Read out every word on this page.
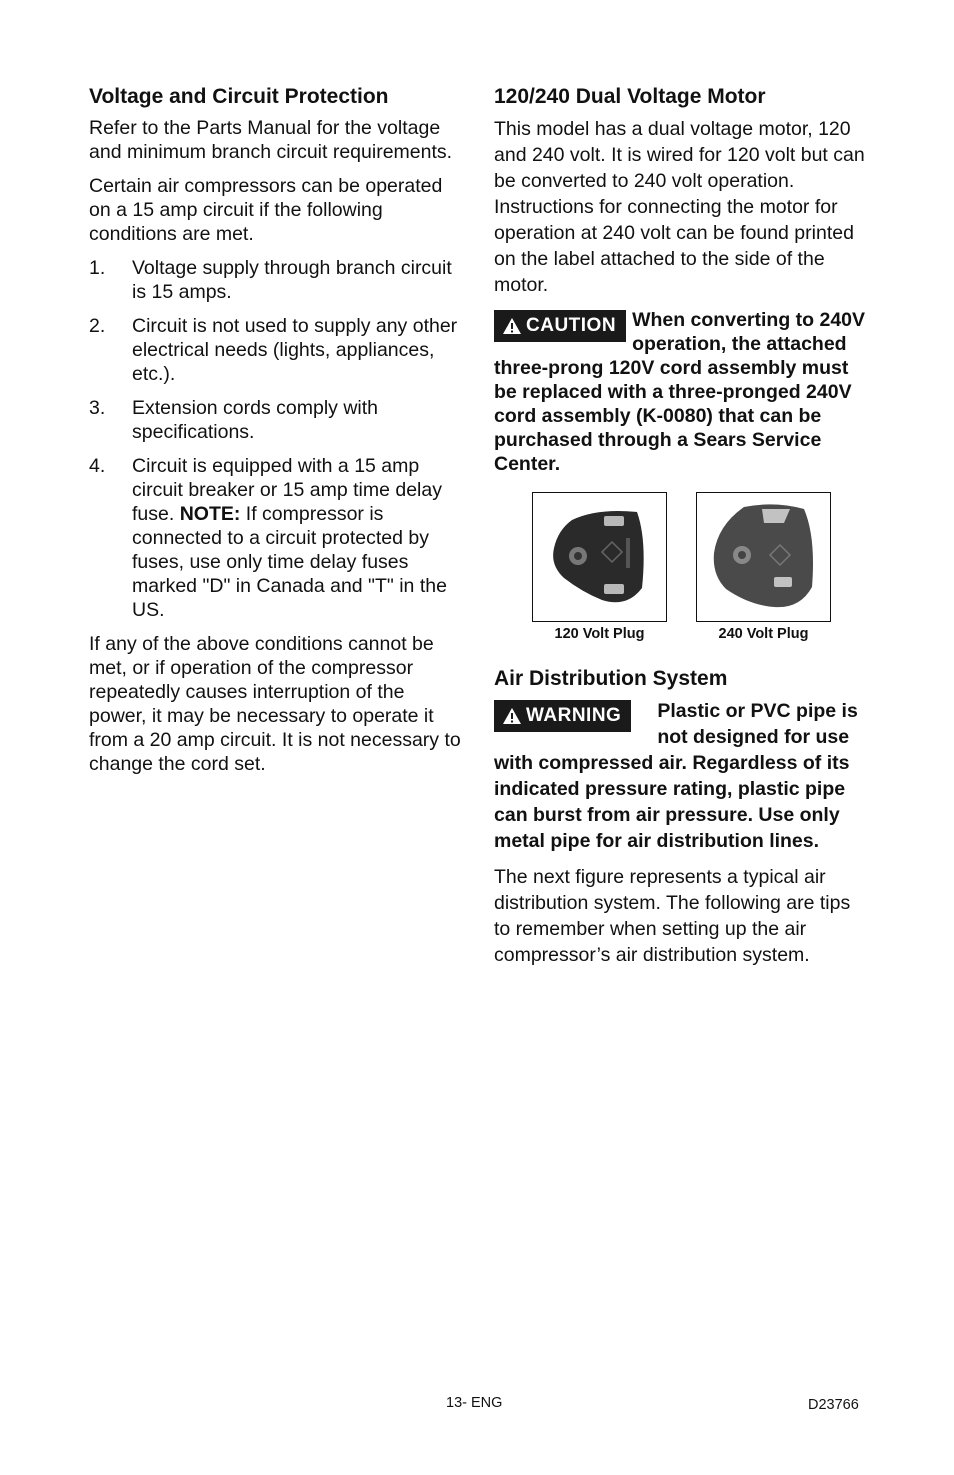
Voltage and Circuit Protection

Refer to the Parts Manual for the voltage and minimum branch circuit requirements.

Certain air compressors can be operated on a 15 amp circuit if the following conditions are met.

1.	Voltage supply through branch circuit is 15 amps.
2.	Circuit is not used to supply any other electrical needs (lights, appliances, etc.).
3.	Extension cords comply with specifications.
4.	Circuit is equipped with a 15 amp circuit breaker or 15 amp time delay fuse. NOTE: If compressor is connected to a circuit protected by fuses, use only time delay fuses marked "D" in Canada and "T" in the US.

If any of the above conditions cannot be met, or if operation of the compressor repeatedly causes interruption of the power, it may be necessary to operate it from a 20 amp circuit. It is not necessary to change the cord set.

120/240 Dual Voltage Motor

This model has a dual voltage motor, 120 and 240 volt. It is wired for 120 volt but can be converted to 240 volt operation. Instructions for connecting the motor for operation at 240 volt can be found printed on the label attached to the side of the motor.

CAUTION When converting to 240V operation, the attached three-prong 120V cord assembly must be replaced with a three-pronged 240V cord assembly (K-0080) that can be purchased through a Sears Service Center.
120 Volt Plug	240 Volt Plug
Air Distribution System
WARNING Plastic or PVC pipe is not designed for use with compressed air. Regardless of its indicated pressure rating, plastic pipe can burst from air pressure. Use only metal pipe for air distribution lines.

The next figure represents a typical air distribution system. The following are tips to remember when setting up the air compressor’s air distribution system.

13- ENG	D23766
